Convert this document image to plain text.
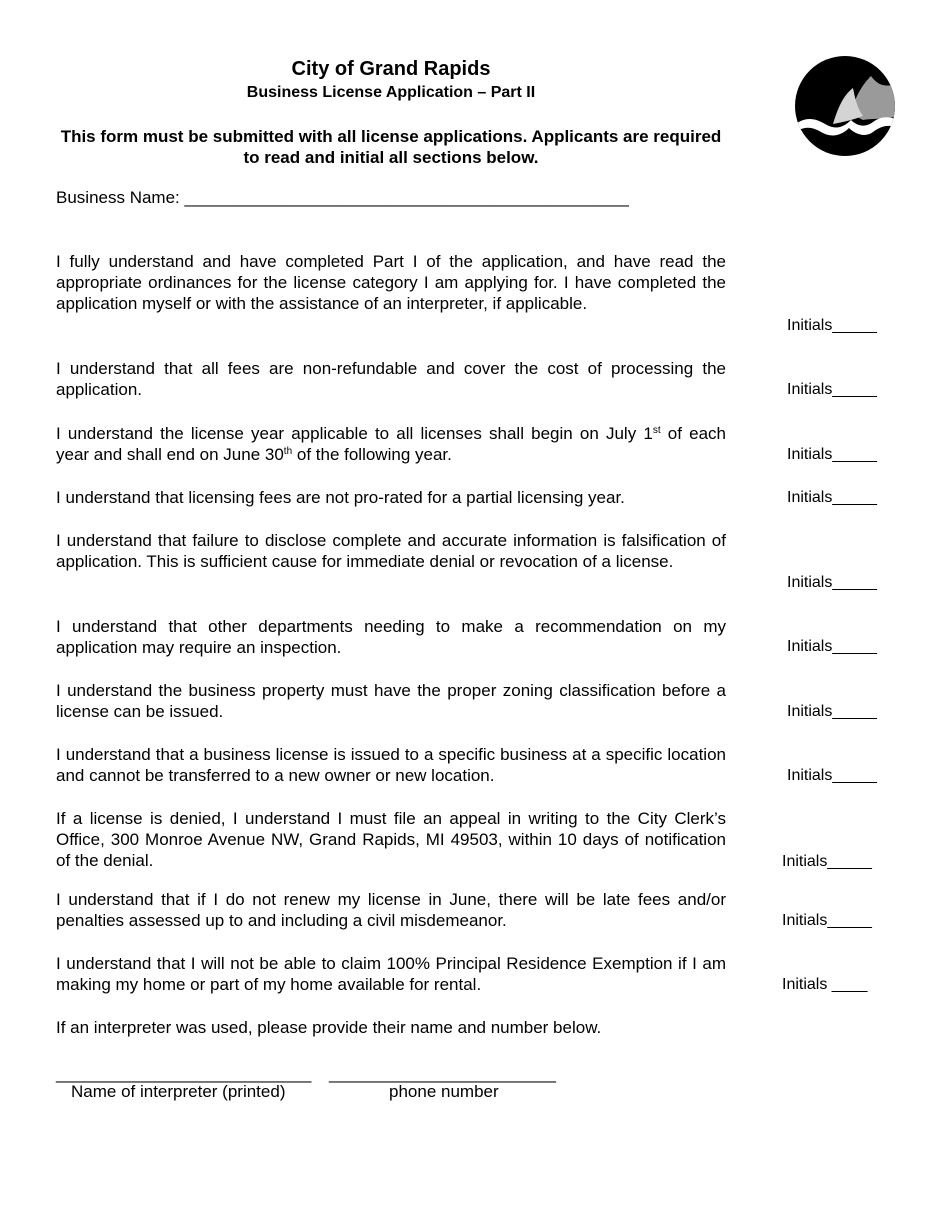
City of Grand Rapids
Business License Application – Part II
This form must be submitted with all license applications. Applicants are required to read and initial all sections below.
Business Name: _______________________________________________
I fully understand and have completed Part I of the application, and have read the appropriate ordinances for the license category I am applying for. I have completed the application myself or with the assistance of an interpreter, if applicable.
Initials_____
I understand that all fees are non-refundable and cover the cost of processing the application.	Initials_____
I understand the license year applicable to all licenses shall begin on July 1st of each year and shall end on June 30th of the following year.	Initials_____
I understand that licensing fees are not pro-rated for a partial licensing year.	Initials_____
I understand that failure to disclose complete and accurate information is falsification of application. This is sufficient cause for immediate denial or revocation of a license.
Initials_____
I understand that other departments needing to make a recommendation on my application may require an inspection.	Initials_____
I understand the business property must have the proper zoning classification before a license can be issued.	Initials_____
I understand that a business license is issued to a specific business at a specific location and cannot be transferred to a new owner or new location.	Initials_____
If a license is denied, I understand I must file an appeal in writing to the City Clerk’s Office, 300 Monroe Avenue NW, Grand Rapids, MI 49503, within 10 days of notification of the denial.	Initials_____
I understand that if I do not renew my license in June, there will be late fees and/or penalties assessed up to and including a civil misdemeanor.	Initials_____
I understand that I will not be able to claim 100% Principal Residence Exemption if I am making my home or part of my home available for rental.	Initials ____
If an interpreter was used, please provide their name and number below.
___________________________ ________________________
Name of interpreter (printed)	phone number
